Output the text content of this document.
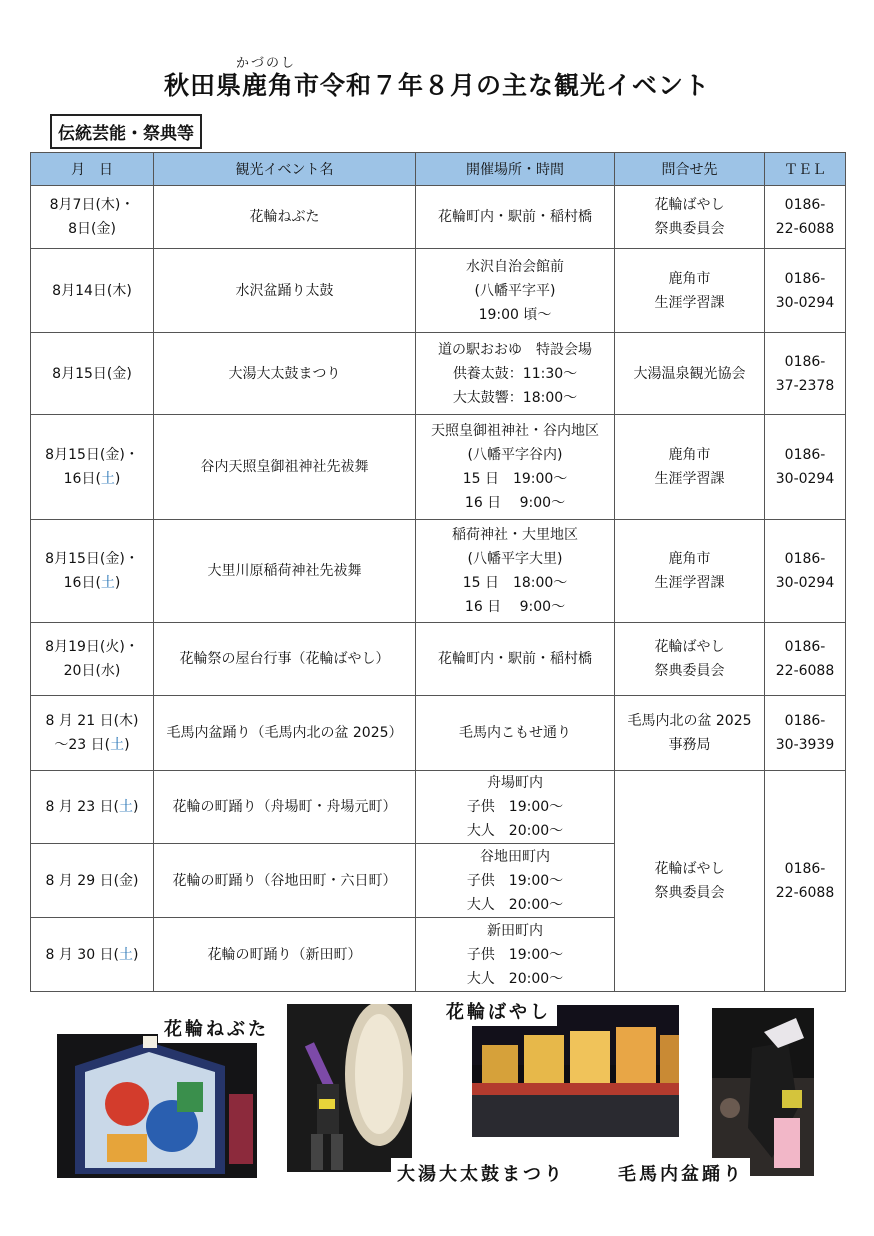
かづのし
秋田県鹿角市令和７年８月の主な観光イベント
伝統芸能・祭典等
月　日	観光イベント名	開催場所・時間	問合せ先	ＴＥＬ

8月7日(木)・
8日(金)	花輪ねぶた	花輪町内・駅前・稲村橋	花輪ばやし
祭典委員会	0186-
22-6088

8月14日(木)	水沢盆踊り太鼓	水沢自治会館前
(八幡平字平)
19:00 頃～	鹿角市
生涯学習課	0186-
30-0294

8月15日(金)	大湯大太鼓まつり	道の駅おおゆ　特設会場
供養太鼓：11:30～
大太鼓響：18:00～	大湯温泉観光協会	0186-
37-2378

8月15日(金)・
16日(土)	谷内天照皇御祖神社先祓舞	天照皇御祖神社・谷内地区
(八幡平字谷内)
15 日　19:00～
16 日　 9:00～	鹿角市
生涯学習課	0186-
30-0294

8月15日(金)・
16日(土)	大里川原稲荷神社先祓舞	稲荷神社・大里地区
(八幡平字大里)
15 日　18:00～
16 日　 9:00～	鹿角市
生涯学習課	0186-
30-0294

8月19日(火)・
20日(水)	花輪祭の屋台行事（花輪ばやし）	花輪町内・駅前・稲村橋	花輪ばやし
祭典委員会	0186-
22-6088

8 月 21 日(木)
～23 日(土)	毛馬内盆踊り（毛馬内北の盆 2025）	毛馬内こもせ通り	毛馬内北の盆 2025
事務局	0186-
30-3939

8 月 23 日(土)	花輪の町踊り（舟場町・舟場元町）	舟場町内
子供　19:00～
大人　20:00～	花輪ばやし
祭典委員会	0186-
22-6088

8 月 29 日(金)	花輪の町踊り（谷地田町・六日町）	谷地田町内
子供　19:00～
大人　20:00～		

8 月 30 日(土)	花輪の町踊り（新田町）	新田町内
子供　19:00～
大人　20:00～		
花輪ねぶた
花輪ばやし
大湯大太鼓まつり	毛馬内盆踊り
